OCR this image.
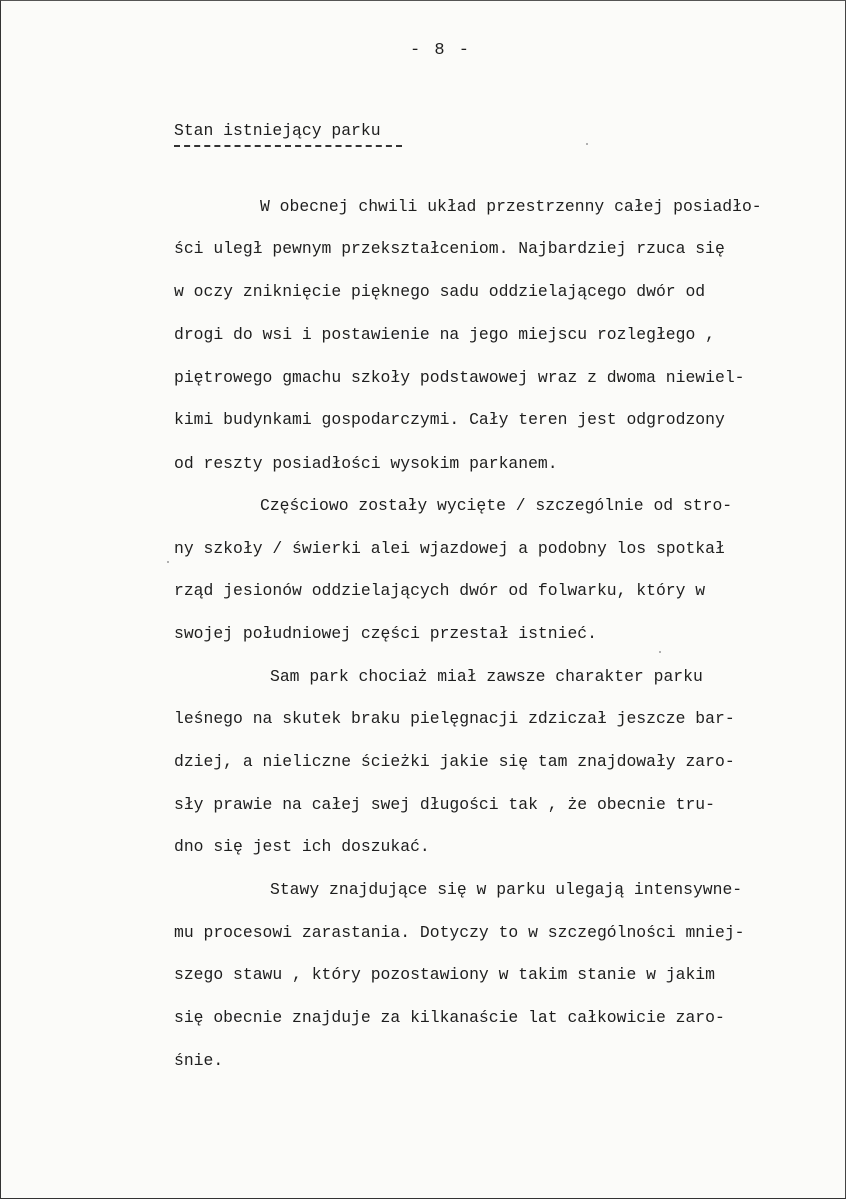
- 8 -
Stan istniejący parku
W obecnej chwili układ przestrzenny całej posiadło-
ści uległ pewnym przekształceniom. Najbardziej rzuca się
w oczy zniknięcie pięknego sadu oddzielającego dwór od
drogi do wsi i postawienie na jego miejscu rozległego ,
piętrowego gmachu szkoły podstawowej wraz z dwoma niewiel-
kimi budynkami gospodarczymi. Cały teren jest odgrodzony
od reszty posiadłości wysokim parkanem.
Częściowo zostały wycięte / szczególnie od stro-
ny szkoły / świerki alei wjazdowej a podobny los spotkał
rząd jesionów oddzielających dwór od folwarku, który w
swojej południowej części przestał istnieć.
Sam park chociaż miał zawsze charakter parku
leśnego na skutek braku pielęgnacji zdziczał jeszcze bar-
dziej, a nieliczne ścieżki jakie się tam znajdowały zaro-
sły prawie na całej swej długości tak , że obecnie tru-
dno się jest ich doszukać.
Stawy znajdujące się w parku ulegają intensywne-
mu procesowi zarastania. Dotyczy to w szczególności mniej-
szego stawu , który pozostawiony w takim stanie w jakim
się obecnie znajduje za kilkanaście lat całkowicie zaro-
śnie.
